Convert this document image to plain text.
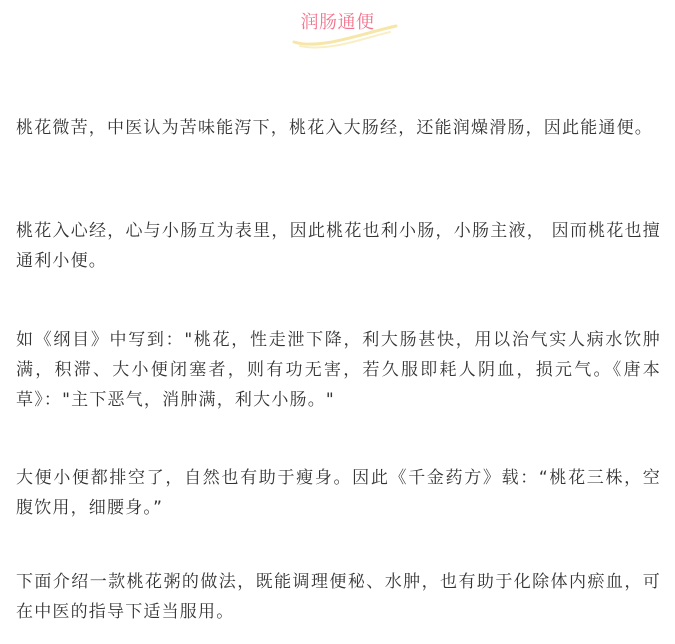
润肠通便

桃花微苦，中医认为苦味能泻下，桃花入大肠经，还能润燥滑肠，因此能通便。

桃花入心经，心与小肠互为表里，因此桃花也利小肠，小肠主液， 因而桃花也擅通利小便。

如《纲目》中写到："桃花，性走泄下降，利大肠甚快，用以治气实人病水饮肿满，积滞、大小便闭塞者，则有功无害，若久服即耗人阴血，损元气。《唐本草》："主下恶气，消肿满，利大小肠。"

大便小便都排空了，自然也有助于瘦身。因此《千金药方》载：“桃花三株，空腹饮用，细腰身。”

下面介绍一款桃花粥的做法，既能调理便秘、水肿，也有助于化除体内瘀血，可在中医的指导下适当服用。
